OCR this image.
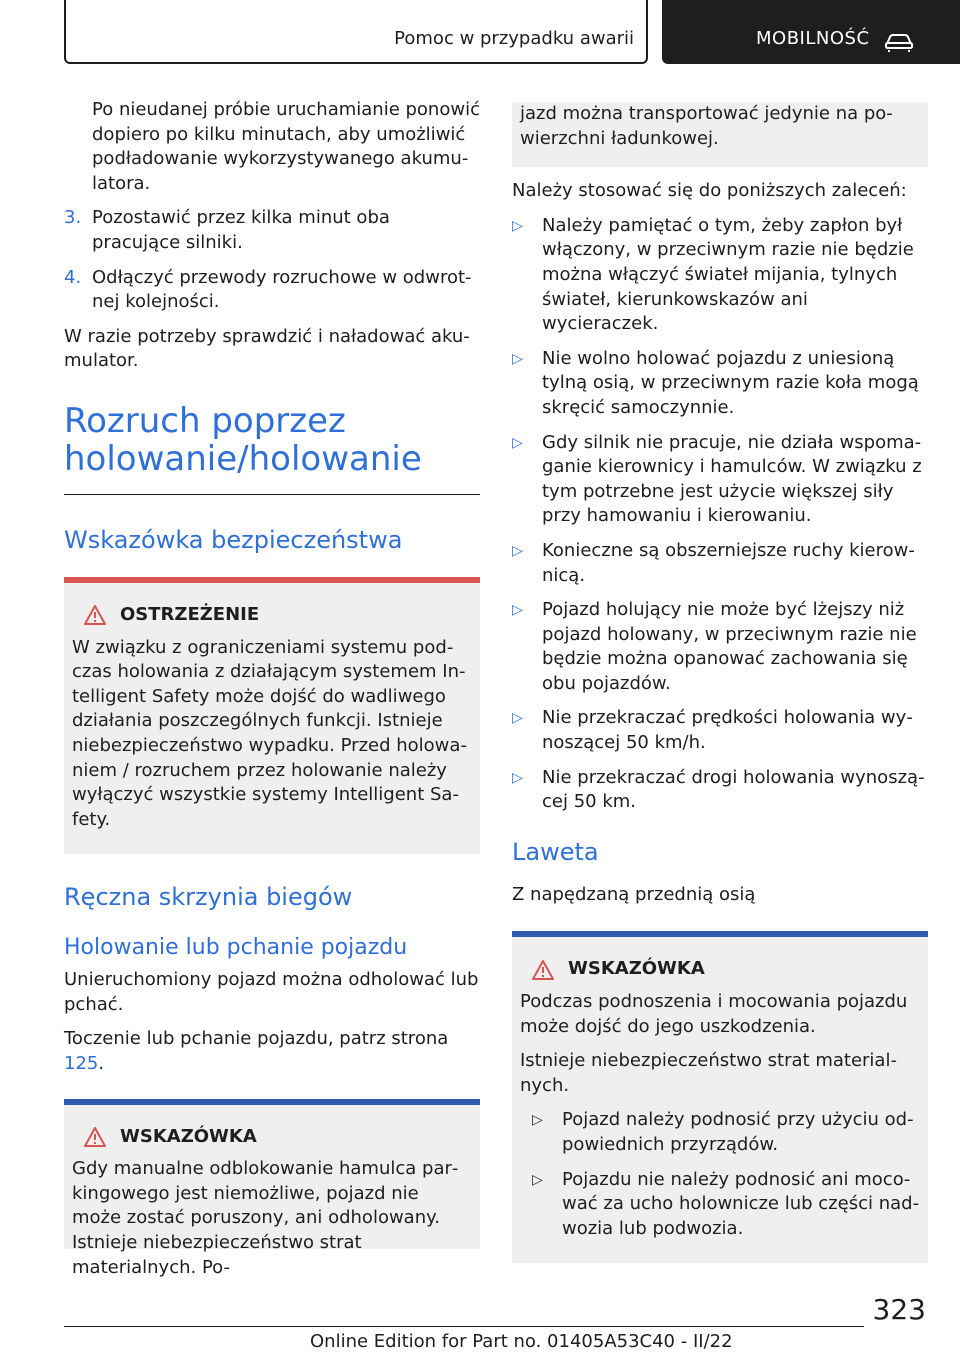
Pomoc w przypadku awarii	MOBILNOŚĆ

Po nieudanej próbie uruchamianie ponowić dopiero po kilku minutach, aby umożliwić podładowanie wykorzystywanego akumulatora.

3. Pozostawić przez kilka minut oba pracujące silniki.
4. Odłączyć przewody rozruchowe w odwrotnej kolejności.

W razie potrzeby sprawdzić i naładować akumulator.

Rozruch poprzez holowanie/holowanie
Wskazówka bezpieczeństwa
OSTRZEŻENIE

W związku z ograniczeniami systemu podczas holowania z działającym systemem Intelligent Safety może dojść do wadliwego działania poszczególnych funkcji. Istnieje niebezpieczeństwo wypadku. Przed holowaniem / rozruchem przez holowanie należy wyłączyć wszystkie systemy Intelligent Safety.

Ręczna skrzynia biegów
Holowanie lub pchanie pojazdu

Unieruchomiony pojazd można odholować lub pchać.

Toczenie lub pchanie pojazdu, patrz strona 125.

WSKAZÓWKA

Gdy manualne odblokowanie hamulca parkingowego jest niemożliwe, pojazd nie może zostać poruszony, ani odholowany. Istnieje niebezpieczeństwo strat materialnych. Po-

jazd można transportować jedynie na powierzchni ładunkowej.

Należy stosować się do poniższych zaleceń:

▷	Należy pamiętać o tym, żeby zapłon był włączony, w przeciwnym razie nie będzie można włączyć świateł mijania, tylnych świateł, kierunkowskazów ani wycieraczek.
▷	Nie wolno holować pojazdu z uniesioną tylną osią, w przeciwnym razie koła mogą skręcić samoczynnie.
▷	Gdy silnik nie pracuje, nie działa wspomaganie kierownicy i hamulców. W związku z tym potrzebne jest użycie większej siły przy hamowaniu i kierowaniu.
▷	Konieczne są obszerniejsze ruchy kierownicą.
▷	Pojazd holujący nie może być lżejszy niż pojazd holowany, w przeciwnym razie nie będzie można opanować zachowania się obu pojazdów.
▷	Nie przekraczać prędkości holowania wynoszącej 50 km/h.
▷	Nie przekraczać drogi holowania wynoszącej 50 km.
Laweta

Z napędzaną przednią osią

WSKAZÓWKA

Podczas podnoszenia i mocowania pojazdu może dojść do jego uszkodzenia.

Istnieje niebezpieczeństwo strat materialnych.

▷	Pojazd należy podnosić przy użyciu odpowiednich przyrządów.
▷	Pojazdu nie należy podnosić ani mocować za ucho holownicze lub części nadwozia lub podwozia.
323
Online Edition for Part no. 01405A53C40 - II/22
